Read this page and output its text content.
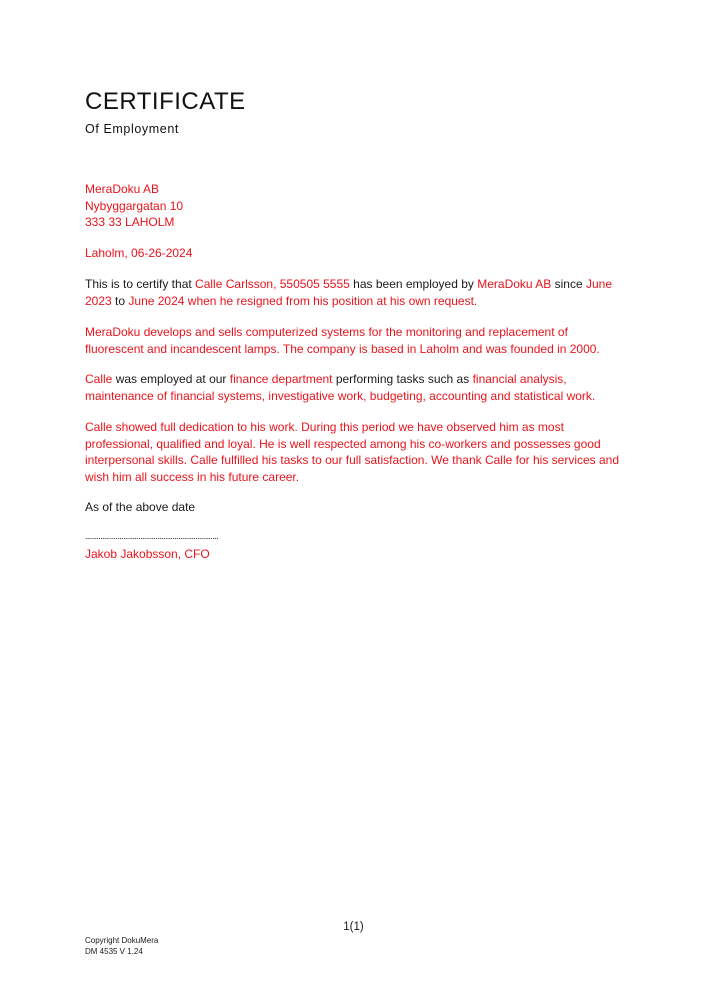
CERTIFICATE
Of Employment
MeraDoku AB
Nybyggargatan 10
333 33 LAHOLM
Laholm, 06-26-2024
This is to certify that Calle Carlsson, 550505 5555 has been employed by MeraDoku AB since June 2023 to June 2024 when he resigned from his position at his own request.
MeraDoku develops and sells computerized systems for the monitoring and replacement of fluorescent and incandescent lamps. The company is based in Laholm and was founded in 2000.
Calle was employed at our finance department performing tasks such as financial analysis, maintenance of financial systems, investigative work, budgeting, accounting and statistical work.
Calle showed full dedication to his work. During this period we have observed him as most professional, qualified and loyal. He is well respected among his co-workers and possesses good interpersonal skills. Calle fulfilled his tasks to our full satisfaction. We thank Calle for his services and wish him all success in his future career.
As of the above date
......................................................................
Jakob Jakobsson, CFO
1(1)
Copyright DokuMera
DM 4535 V 1.24
